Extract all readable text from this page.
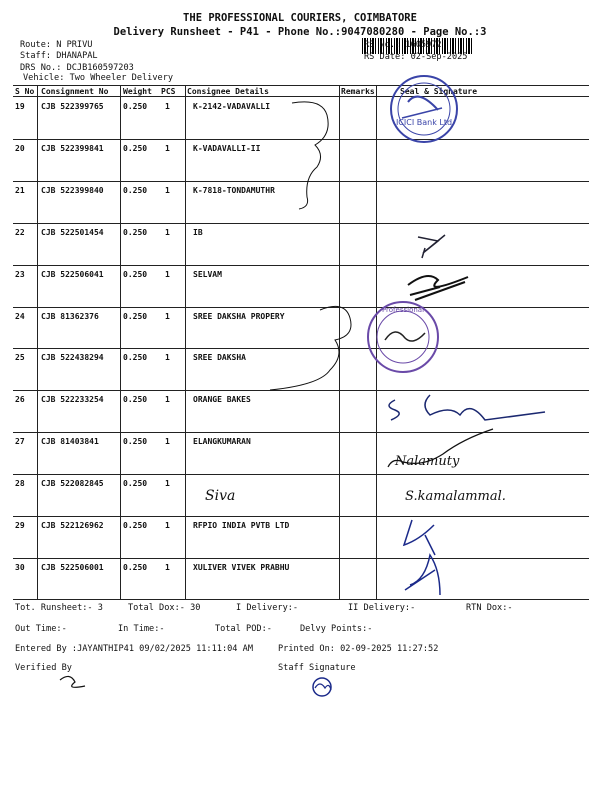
THE PROFESSIONAL COURIERS, COIMBATORE
Delivery Runsheet - P41 - Phone No.:9047080280 - Page No.:3
Route: N PRIVU
Staff: DHANAPAL
DRS No.: DCJB160597203
Vehicle: Two Wheeler Delivery
RS No.: 1605972
RS Date: 02-Sep-2025
S No Consignment No Weight PCS Consignee Details	Remarks	Seal & Signature
19 CJB 522399765 0.250 1	K-2142-VADAVALLI
20 CJB 522399841 0.250 1	K-VADAVALLI-II
21 CJB 522399840 0.250 1	K-7818-TONDAMUTHR
22 CJB 522501454 0.250 1	IB
23 CJB 522506041 0.250 1	SELVAM
24 CJB 81362376	0.250 1	SREE DAKSHA PROPERY
25 CJB 522438294 0.250 1	SREE DAKSHA
26 CJB 522233254 0.250 1	ORANGE BAKES
27 CJB 81403841	0.250 1	ELANGKUMARAN
28 CJB 522082845 0.250 1
29 CJB 522126962 0.250 1	RFPIO INDIA PVTB LTD
30 CJB 522506001 0.250 1	XULIVER VIVEK PRABHU
ICICI Bank Ltd
Professional
Nalamuty
Siva	S.kamalammal.
Tot. Runsheet:- 3	Total Dox:- 30	I Delivery:-	II Delivery:-	RTN Dox:-
Out Time:-	In Time:-	Total POD:-	Delvy Points:-
Entered By :JAYANTHIP41 09/02/2025 11:11:04 AM	Printed On: 02-09-2025 11:27:52
Verified By	Staff Signature
